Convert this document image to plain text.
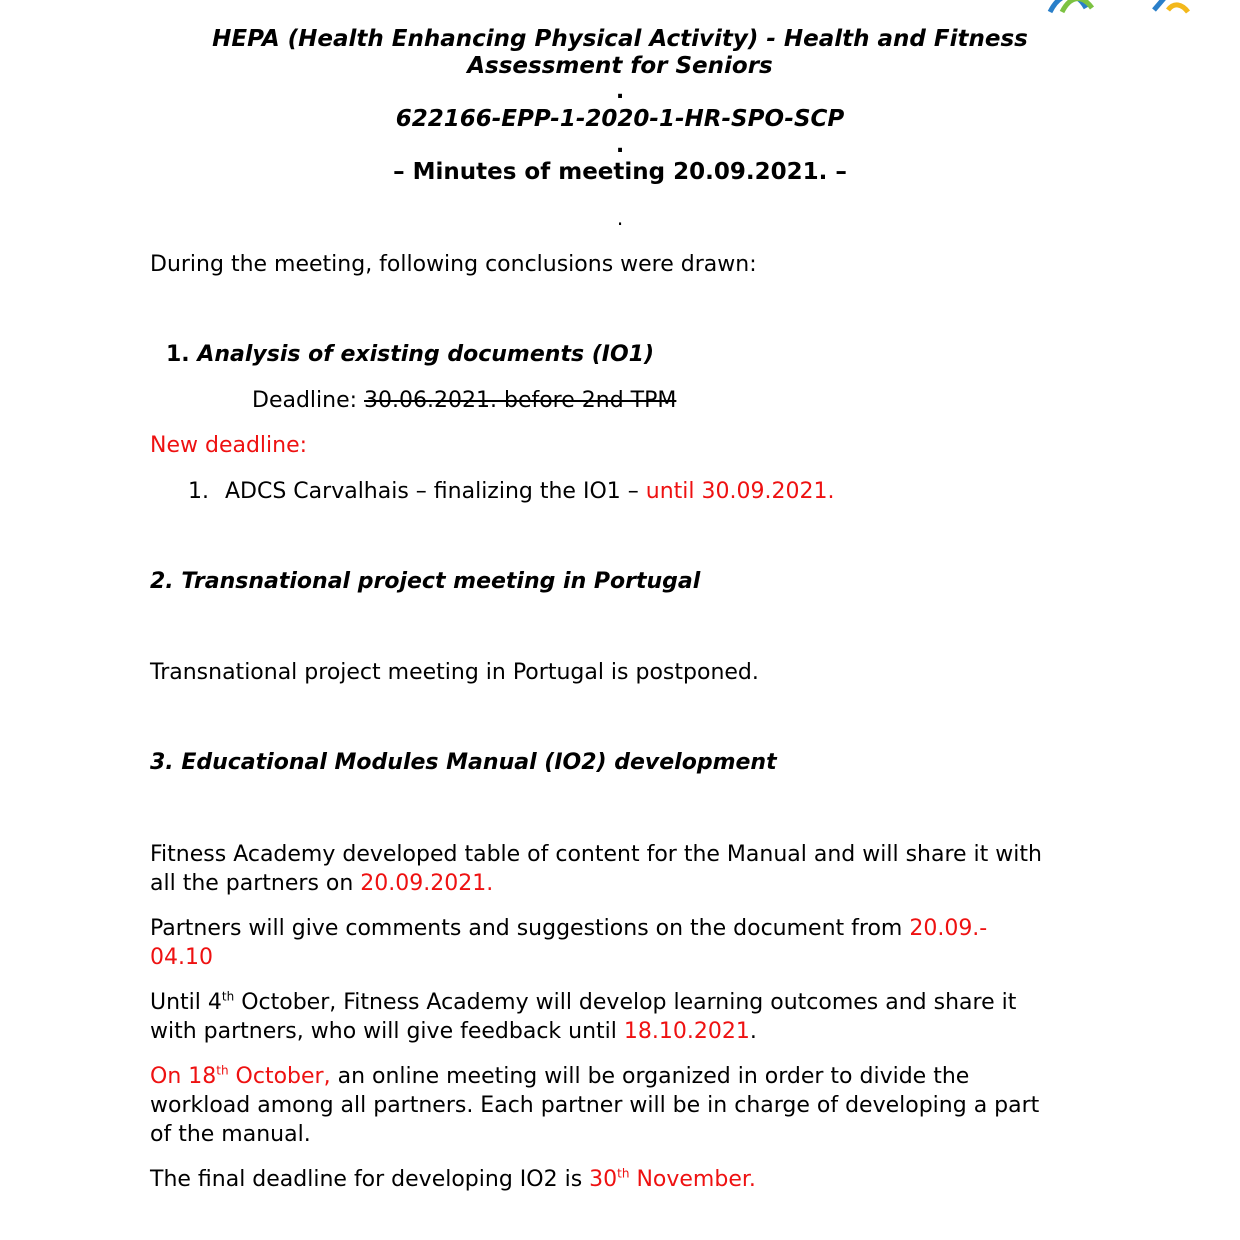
HEPA (Health Enhancing Physical Activity) - Health and Fitness
Assessment for Seniors
.
622166-EPP-1-2020-1-HR-SPO-SCP
.
– Minutes of meeting 20.09.2021. –
.
During the meeting, following conclusions were drawn:
1. Analysis of existing documents (IO1)
Deadline: 30.06.2021. before 2nd TPM
New deadline:
1. ADCS Carvalhais – finalizing the IO1 – until 30.09.2021.
2. Transnational project meeting in Portugal
Transnational project meeting in Portugal is postponed.
3. Educational Modules Manual (IO2) development
Fitness Academy developed table of content for the Manual and will share it with
all the partners on 20.09.2021.
Partners will give comments and suggestions on the document from 20.09.-
04.10
Until 4th October, Fitness Academy will develop learning outcomes and share it
with partners, who will give feedback until 18.10.2021.
On 18th October, an online meeting will be organized in order to divide the
workload among all partners. Each partner will be in charge of developing a part
of the manual.
The final deadline for developing IO2 is 30th November.
